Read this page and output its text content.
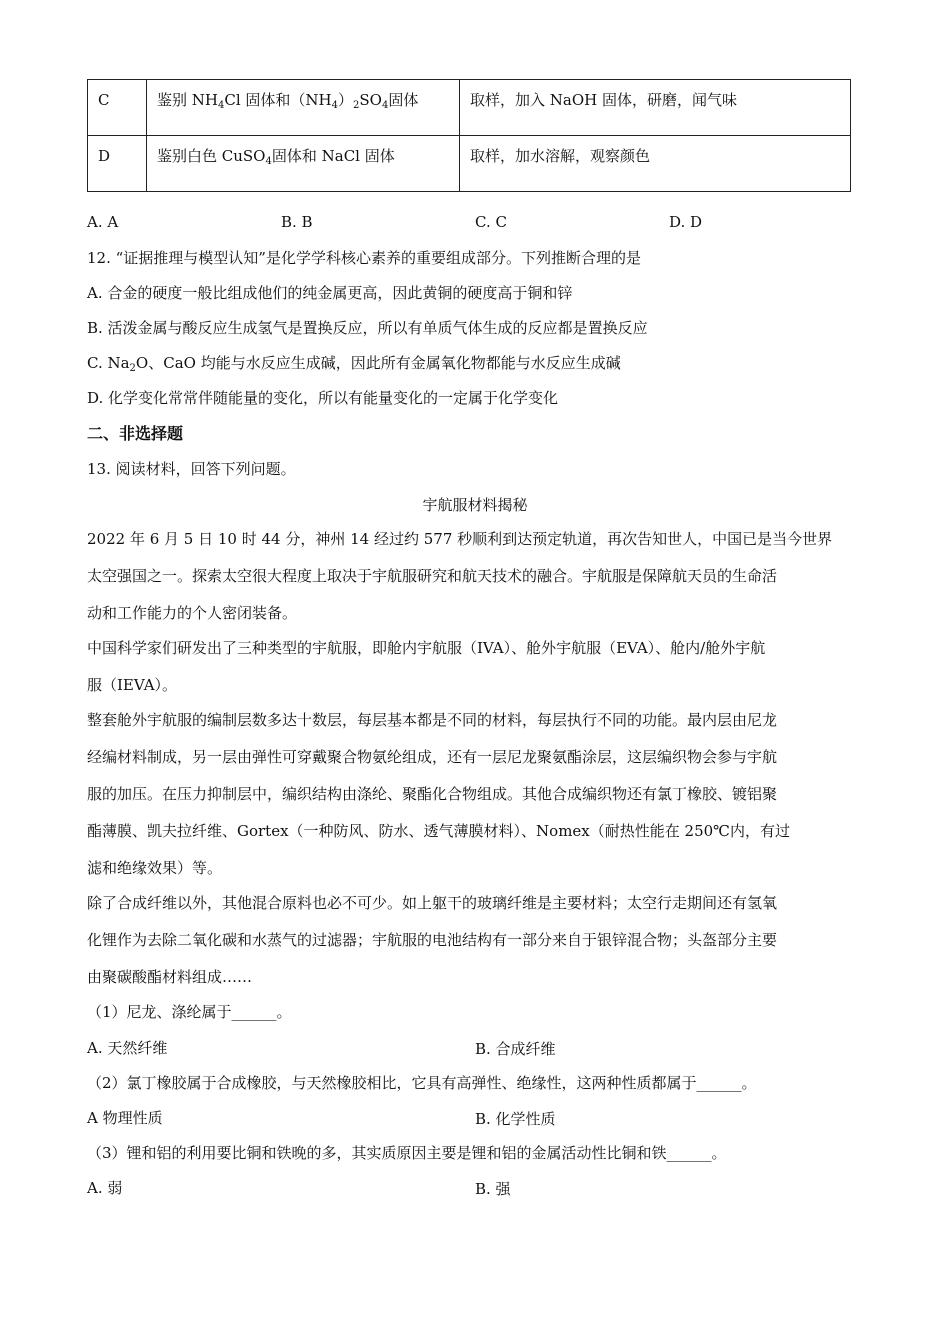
C	鉴别 $NH_4Cl$ 固体和$(NH_4)_2SO_4$固体	取样，加入 NaOH 固体，研磨，闻气味
D	鉴别白色 CuSO$_4$固体和 NaCl 固体	取样，加水溶解，观察颜色
A. A	B. B	C. C	D. D
12. “证据推理与模型认知”是化学学科核心素养的重要组成部分。下列推断合理的是
A. 合金的硬度一般比组成他们的纯金属更高，因此黄铜的硬度高于铜和锌
B. 活泼金属与酸反应生成氢气是置换反应，所以有单质气体生成的反应都是置换反应
C. $Na_2O$、CaO 均能与水反应生成碱，因此所有金属氧化物都能与水反应生成碱
D. 化学变化常常伴随能量的变化，所以有能量变化的一定属于化学变化
二、非选择题
13. 阅读材料，回答下列问题。
宇航服材料揭秘
2022 年 6 月 5 日 10 时 44 分，神州 14 经过约 577 秒顺利到达预定轨道，再次告知世人，中国已是当今世界
太空强国之一。探索太空很大程度上取决于宇航服研究和航天技术的融合。宇航服是保障航天员的生命活
动和工作能力的个人密闭装备。
中国科学家们研发出了三种类型的宇航服，即舱内宇航服（IVA）、舱外宇航服（EVA）、舱内/舱外宇航
服（IEVA）。
整套舱外宇航服的编制层数多达十数层，每层基本都是不同的材料，每层执行不同的功能。最内层由尼龙
经编材料制成，另一层由弹性可穿戴聚合物氨纶组成，还有一层尼龙聚氨酯涂层，这层编织物会参与宇航
服的加压。在压力抑制层中，编织结构由涤纶、聚酯化合物组成。其他合成编织物还有氯丁橡胶、镀铝聚
酯薄膜、凯夫拉纤维、Gortex（一种防风、防水、透气薄膜材料）、Nomex（耐热性能在 250℃内，有过
滤和绝缘效果）等。
除了合成纤维以外，其他混合原料也必不可少。如上躯干的玻璃纤维是主要材料；太空行走期间还有氢氧
化锂作为去除二氧化碳和水蒸气的过滤器；宇航服的电池结构有一部分来自于银锌混合物；头盔部分主要
由聚碳酸酯材料组成……
（1）尼龙、涤纶属于______。
A. 天然纤维	B. 合成纤维
（2）氯丁橡胶属于合成橡胶，与天然橡胶相比，它具有高弹性、绝缘性，这两种性质都属于______。
A 物理性质	B. 化学性质
（3）锂和铝的利用要比铜和铁晚的多，其实质原因主要是锂和铝的金属活动性比铜和铁______。
A. 弱	B. 强
